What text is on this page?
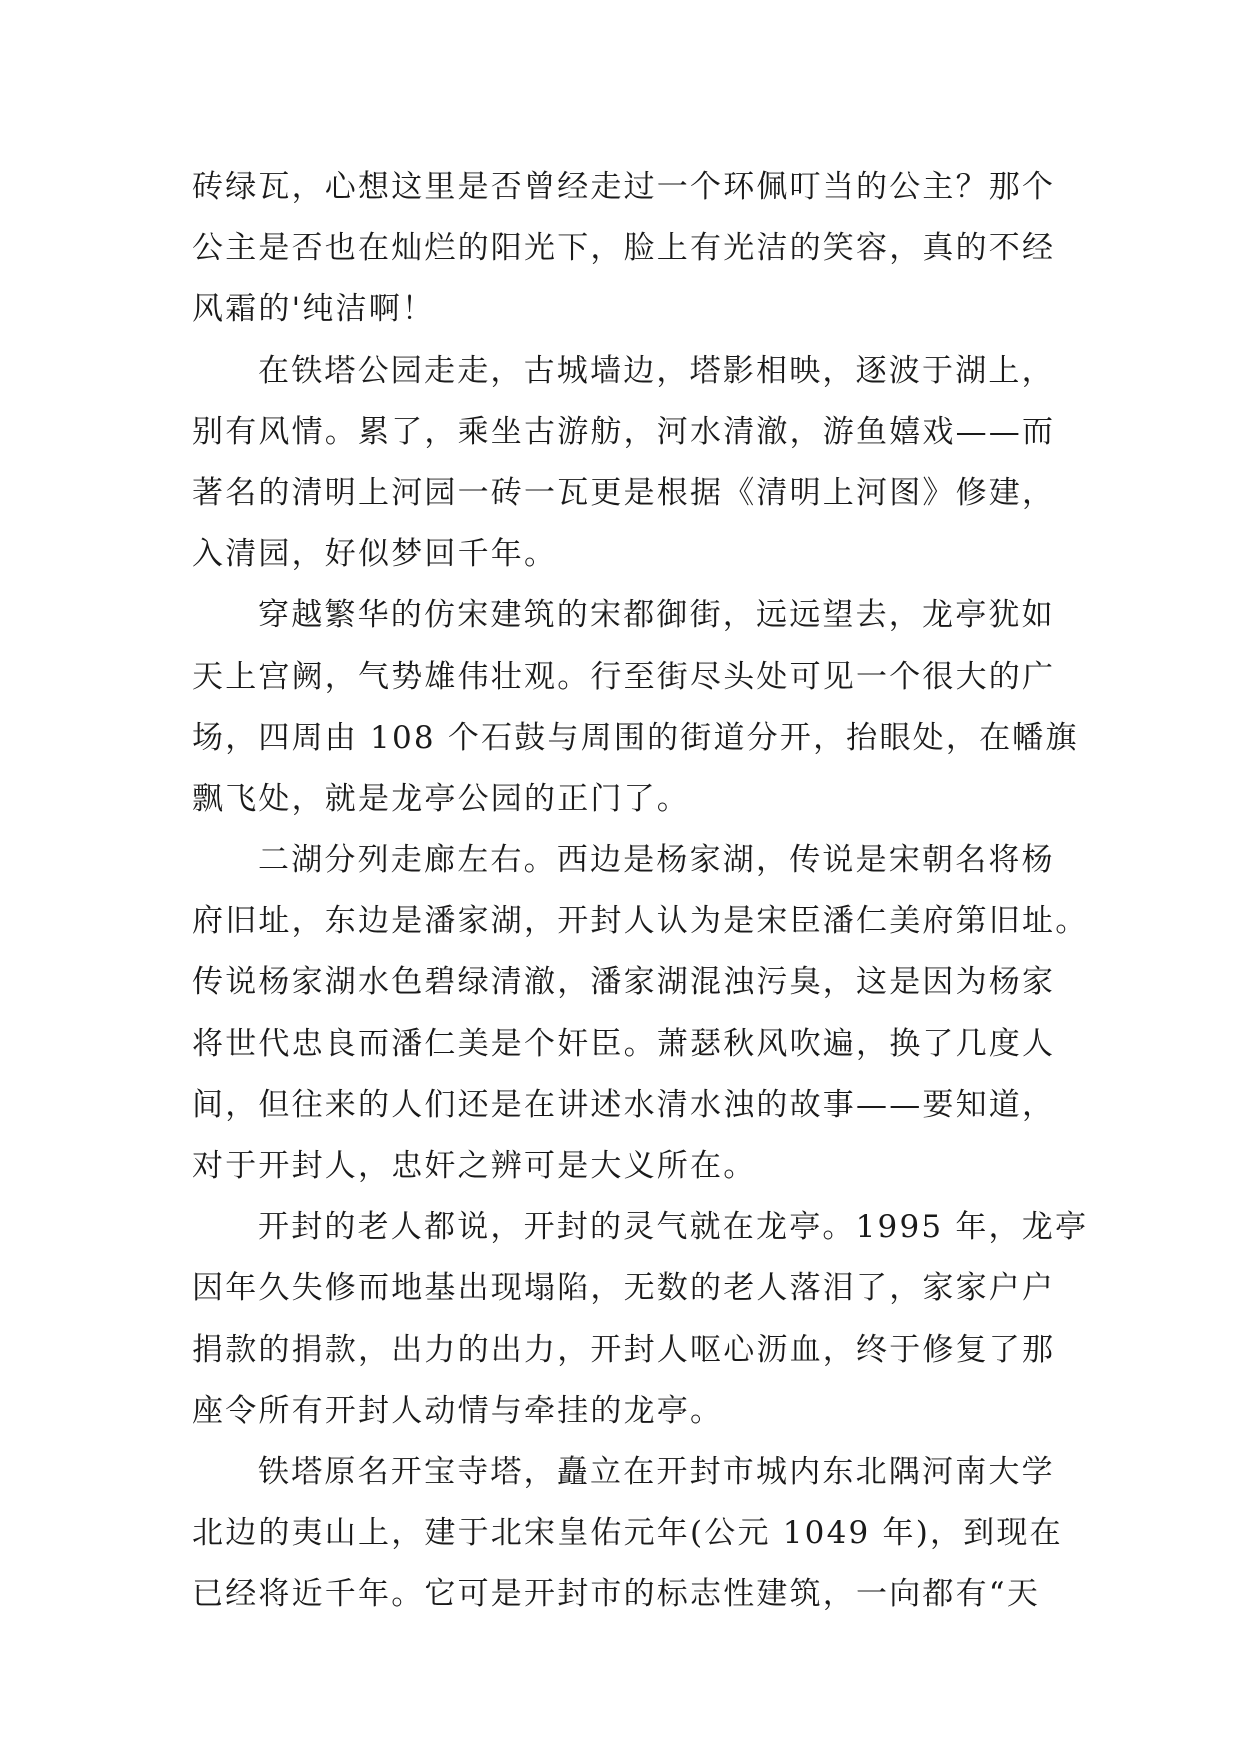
砖绿瓦，心想这里是否曾经走过一个环佩叮当的公主？那个
公主是否也在灿烂的阳光下，脸上有光洁的笑容，真的不经
风霜的'纯洁啊！
在铁塔公园走走，古城墙边，塔影相映，逐波于湖上，
别有风情。累了，乘坐古游舫，河水清澈，游鱼嬉戏——而
著名的清明上河园一砖一瓦更是根据《清明上河图》修建，
入清园，好似梦回千年。
穿越繁华的仿宋建筑的宋都御街，远远望去，龙亭犹如
天上宫阙，气势雄伟壮观。行至街尽头处可见一个很大的广
场，四周由 108 个石鼓与周围的街道分开，抬眼处，在幡旗
飘飞处，就是龙亭公园的正门了。
二湖分列走廊左右。西边是杨家湖，传说是宋朝名将杨
府旧址，东边是潘家湖，开封人认为是宋臣潘仁美府第旧址。
传说杨家湖水色碧绿清澈，潘家湖混浊污臭，这是因为杨家
将世代忠良而潘仁美是个奸臣。萧瑟秋风吹遍，换了几度人
间，但往来的人们还是在讲述水清水浊的故事——要知道，
对于开封人，忠奸之辨可是大义所在。
开封的老人都说，开封的灵气就在龙亭。1995 年，龙亭
因年久失修而地基出现塌陷，无数的老人落泪了，家家户户
捐款的捐款，出力的出力，开封人呕心沥血，终于修复了那
座令所有开封人动情与牵挂的龙亭。
铁塔原名开宝寺塔，矗立在开封市城内东北隅河南大学
北边的夷山上，建于北宋皇佑元年(公元 1049 年)，到现在
已经将近千年。它可是开封市的标志性建筑，一向都有“天
